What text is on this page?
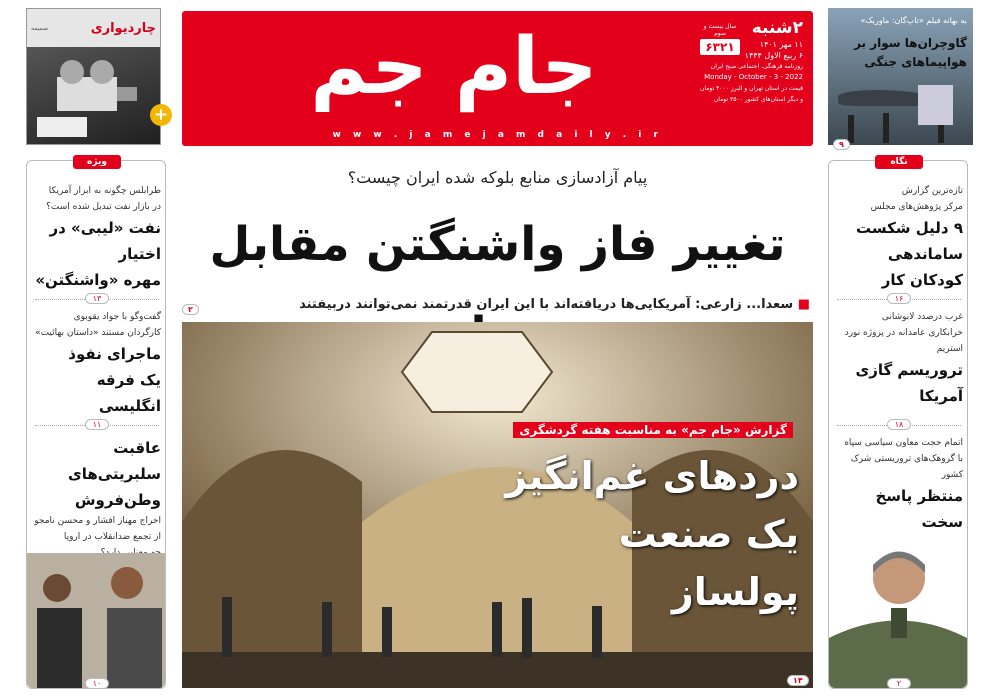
ضمیمه	چاردیواری
+
جام جم	سال بیست و سوم
۶۳۲۱
۲شنبه
۱۱ مهر ۱۴۰۱
۶ ربیع الاول ۱۴۴۴
روزنامه فرهنگی، اجتماعی صبح ایران
Monday - October - 3 - 2022
قیمت در استان تهران و البرز ۴۰۰۰ تومان
و دیگر استان‌های کشور ۳۵۰۰ تومان
w w w . j a m e j a m d a i l y . i r
به بهانه فیلم «تاپ‌گان: ماوریک»
گاوچران‌ها سوار بر هواپیماهای جنگی
۹
پیام آزادسازی منابع بلوکه شده ایران چیست؟
تغییر فاز واشنگتن مقابل
■ سعدا... زارعی: آمریکایی‌ها دریافته‌اند با این ایران قدرتمند نمی‌توانند دربیفتند
۲
گزارش «جام جم» به مناسبت هفته گردشگری
دردهای غم‌انگیز
یک صنعت پولساز
۱۴
ویژه
طرابلس چگونه به ابزار آمریکا
در بازار نفت تبدیل شده است؟
نفت «لیبی» در اختیار
مهره «واشنگتن»
۱۳
گفت‌وگو با جواد یقوبوی
کارگردان مستند «داستان بهائیت»
ماجرای نفوذ
یک فرقه انگلیسی
۱۱
عاقبت سلبریتی‌های
وطن‌فروش
اخراج مهناز افشار و محسن نامجو
از تجمع ضدانقلاب در اروپا
۱۰
نگاه
تازه‌ترین گزارش
مرکز پژوهش‌های مجلس
۹ دلیل شکست
ساماندهی کودکان کار
۱۶
غرب درصدد لابوشانی
خرابکاری عامدانه در پروژه نورد استریم
تروریسم گازی
آمریکا
۱۸
اتمام حجت معاون سیاسی سپاه
با گروهک‌های تروریستی شرک کشور
منتظر پاسخ سخت
۲
